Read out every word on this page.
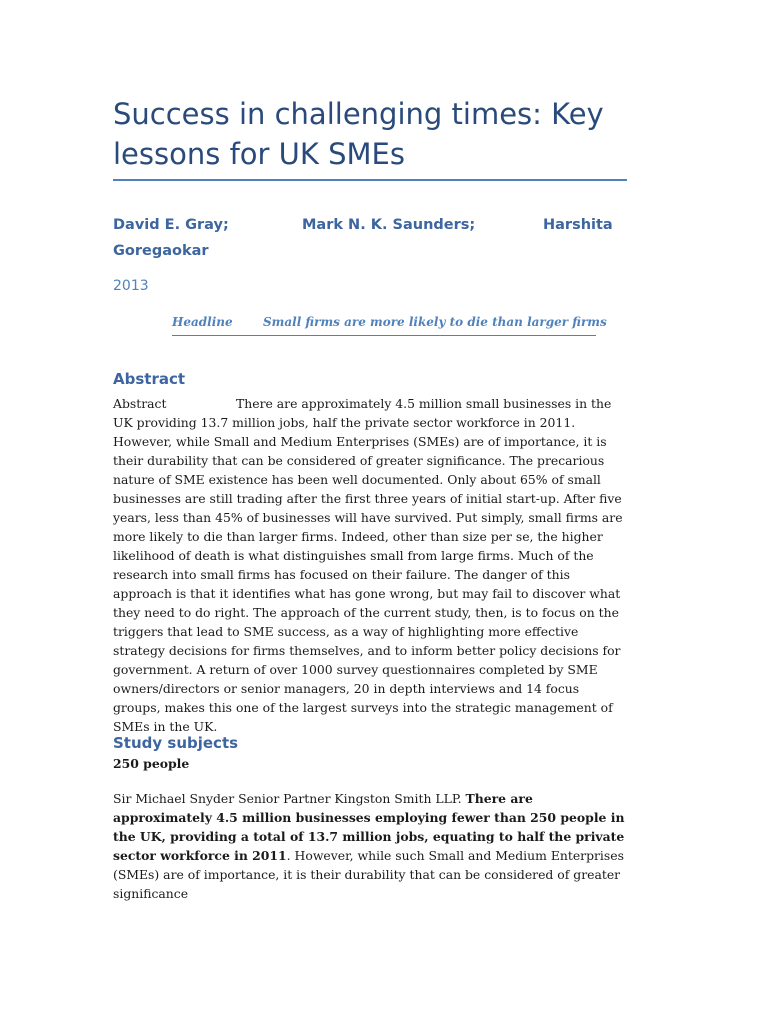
Success in challenging times: Key lessons for UK SMEs
David E. Gray;	Mark N. K. Saunders;	Harshita
Goregaokar
2013
Headline	Small firms are more likely to die than larger firms
Abstract

Abstract	There are approximately 4.5 million small businesses in the UK providing 13.7 million jobs, half the private sector workforce in 2011. However, while Small and Medium Enterprises (SMEs) are of importance, it is their durability that can be considered of greater significance. The precarious nature of SME existence has been well documented. Only about 65% of small businesses are still trading after the first three years of initial start-up. After five years, less than 45% of businesses will have survived. Put simply, small firms are more likely to die than larger firms. Indeed, other than size per se, the higher likelihood of death is what distinguishes small from large firms. Much of the research into small firms has focused on their failure. The danger of this approach is that it identifies what has gone wrong, but may fail to discover what they need to do right. The approach of the current study, then, is to focus on the triggers that lead to SME success, as a way of highlighting more effective strategy decisions for firms themselves, and to inform better policy decisions for government. A return of over 1000 survey questionnaires completed by SME owners/directors or senior managers, 20 in depth interviews and 14 focus groups, makes this one of the largest surveys into the strategic management of SMEs in the UK.

Study subjects
250 people

Sir Michael Snyder Senior Partner Kingston Smith LLP. There are approximately 4.5 million businesses employing fewer than 250 people in the UK, providing a total of 13.7 million jobs, equating to half the private sector workforce in 2011. However, while such Small and Medium Enterprises (SMEs) are of importance, it is their durability that can be considered of greater significance
